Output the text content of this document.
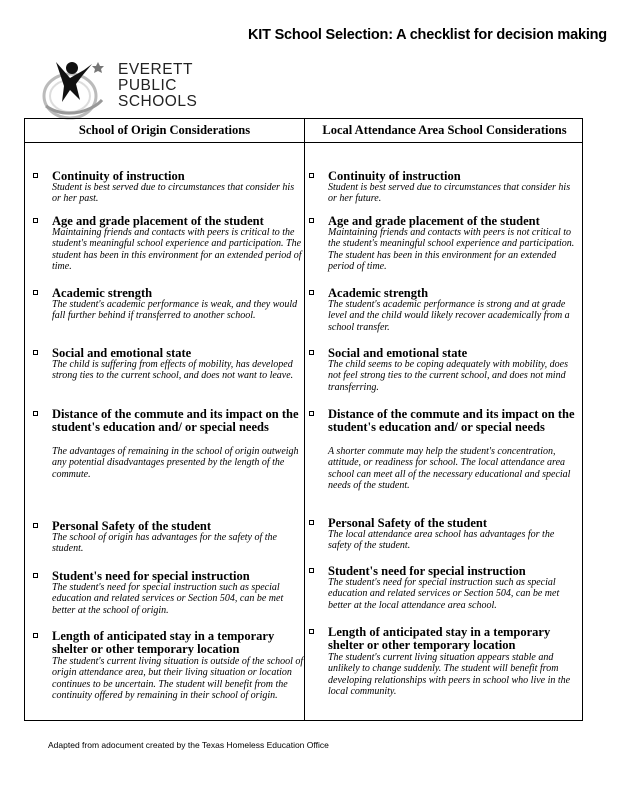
KIT School Selection: A checklist for decision making
EVERETT
PUBLIC
SCHOOLS
School of Origin Considerations	Local Attendance Area School Considerations
Continuity of instruction
Student is best served due to circumstances that consider his or her past.
Age and grade placement of the student
Maintaining friends and contacts with peers is critical to the student's meaningful school experience and participation. The student has been in this environment for an extended period of time.
Academic strength
The student's academic performance is weak, and they would fall further behind if transferred to another school.
Social and emotional state
The child is suffering from effects of mobility, has developed strong ties to the current school, and does not want to leave.
Distance of the commute and its impact on the student's education and/ or special needs
The advantages of remaining in the school of origin outweigh any potential disadvantages presented by the length of the commute.
Personal Safety of the student
The school of origin has advantages for the safety of the student.
Student's need for special instruction
The student's need for special instruction such as special education and related services or Section 504, can be met better at the school of origin.
Length of anticipated stay in a temporary shelter or other temporary location
The student's current living situation is outside of the school of origin attendance area, but their living situation or location continues to be uncertain. The student will benefit from the continuity offered by remaining in their school of origin.
Continuity of instruction
Student is best served due to circumstances that consider his or her future.
Age and grade placement of the student
Maintaining friends and contacts with peers is not critical to the student's meaningful school experience and participation. The student has been in this environment for an extended period of time.
Academic strength
The student's academic performance is strong and at grade level and the child would likely recover academically from a school transfer.
Social and emotional state
The child seems to be coping adequately with mobility, does not feel strong ties to the current school, and does not mind transferring.
Distance of the commute and its impact on the student's education and/ or special needs
A shorter commute may help the student's concentration, attitude, or readiness for school. The local attendance area school can meet all of the necessary educational and special needs of the student.
Personal Safety of the student
The local attendance area school has advantages for the safety of the student.
Student's need for special instruction
The student's need for special instruction such as special education and related services or Section 504, can be met better at the local attendance area school.
Length of anticipated stay in a temporary shelter or other temporary location
The student's current living situation appears stable and unlikely to change suddenly. The student will benefit from developing relationships with peers in school who live in the local community.
Adapted from adocument created by the Texas Homeless Education Office
